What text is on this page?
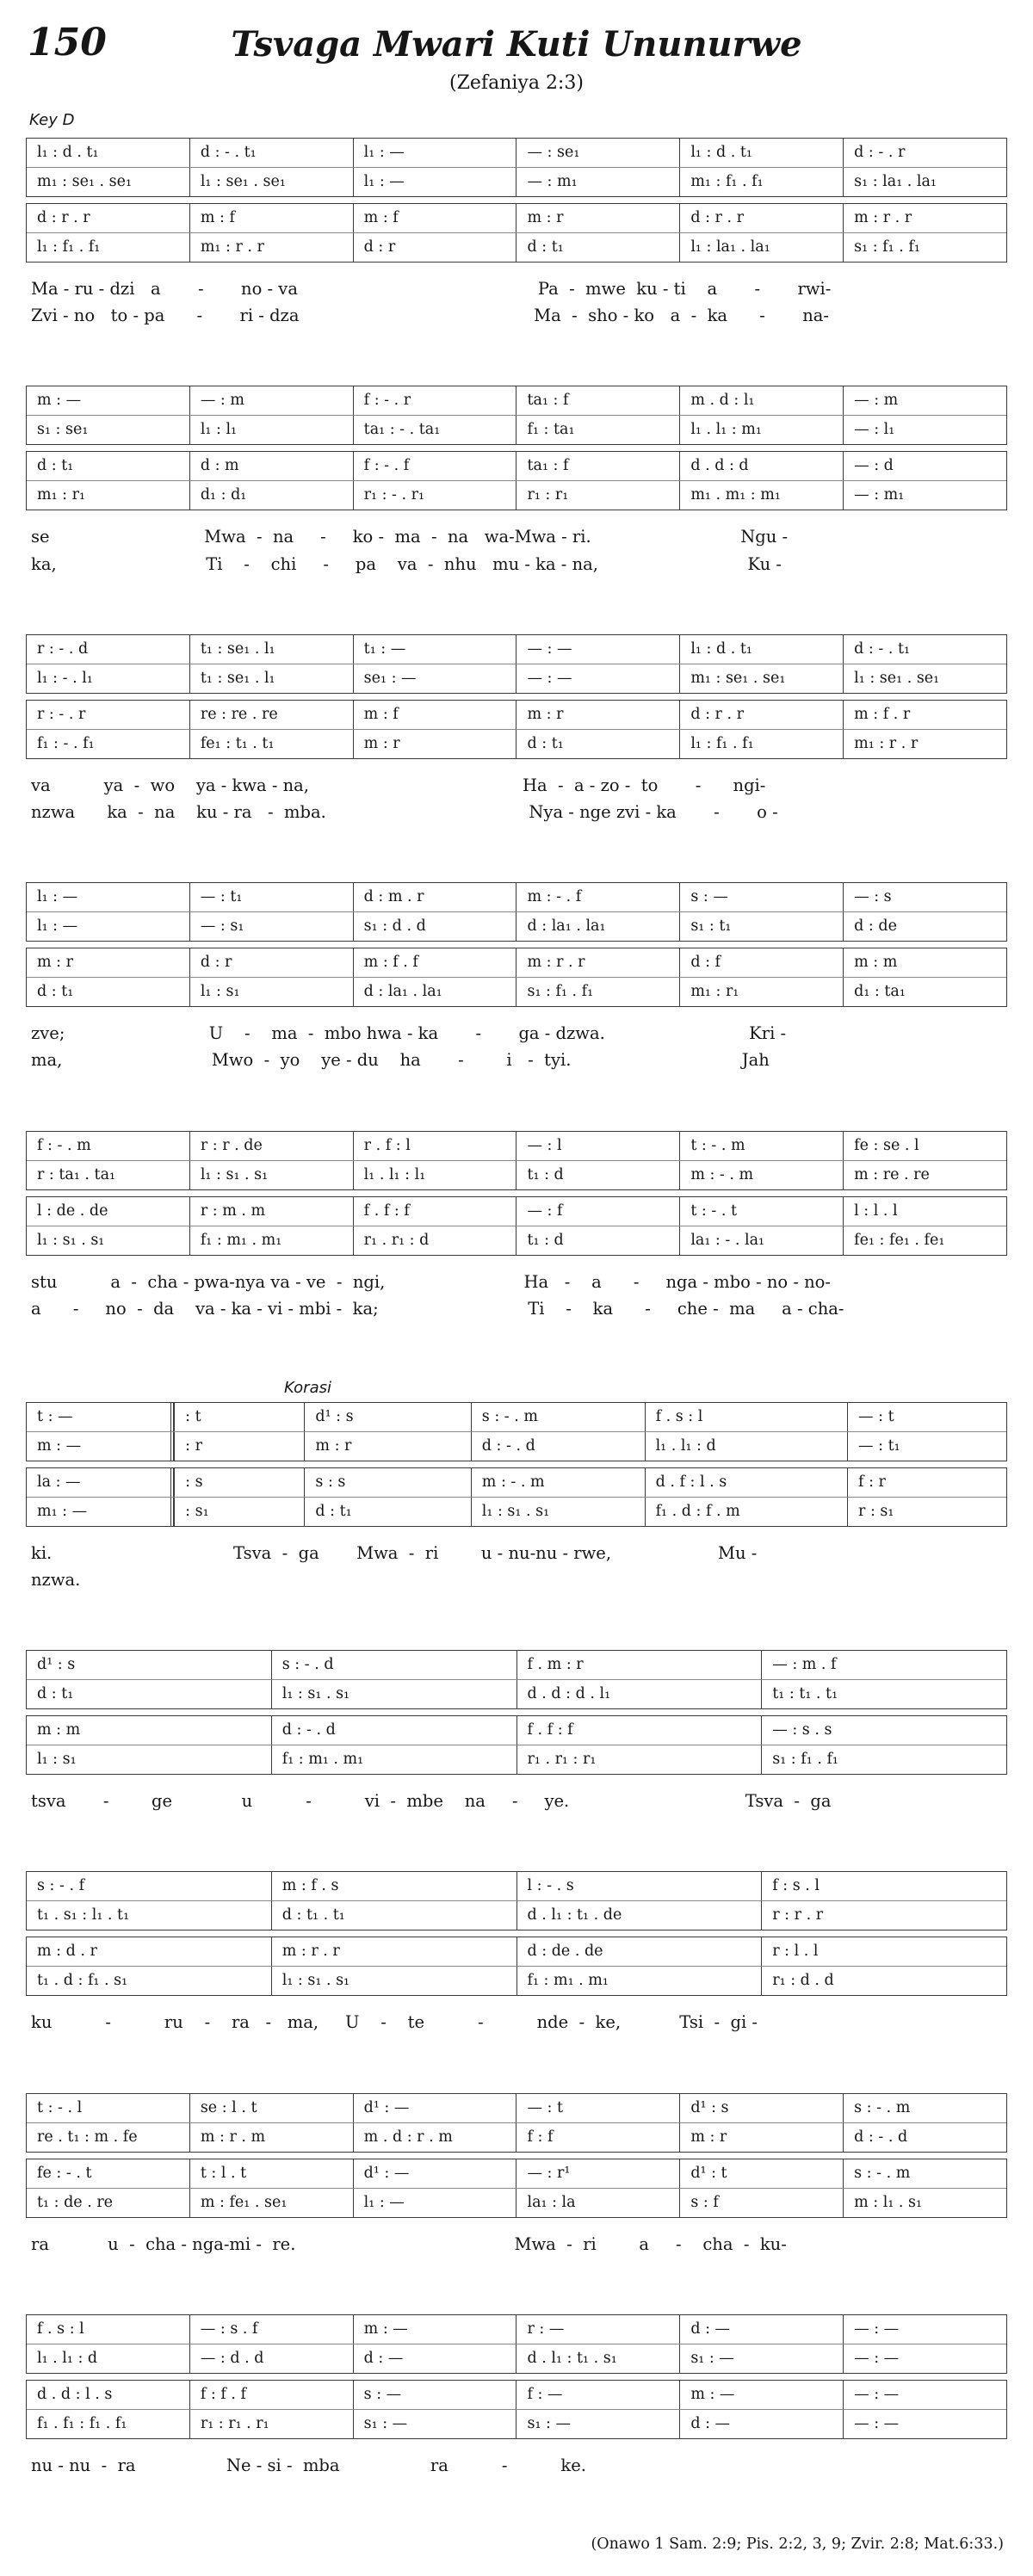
150	Tsvaga Mwari Kuti Ununurwe
(Zefaniya 2:3)
Key D
l₁ : d . t₁	d : - . t₁	l₁ : —	— : se₁	l₁ : d . t₁	d : - . r
m₁ : se₁ . se₁	l₁ : se₁ . se₁	l₁ : —	— : m₁	m₁ : f₁ . f₁	s₁ : la₁ . la₁
d : r . r	m : f	m : f	m : r	d : r . r	m : r . r
l₁ : f₁ . f₁	m₁ : r . r	d : r	d : t₁	l₁ : la₁ . la₁	s₁ : f₁ . f₁
Ma - ru - dzi   a       -       no - va                                             Pa  -  mwe  ku - ti    a       -       rwi-
Zvi - no   to - pa      -       ri - dza                                            Ma  -  sho - ko   a  -  ka      -       na-
m : —	— : m	f : - . r	ta₁ : f	m . d : l₁	— : m
s₁ : se₁	l₁ : l₁	ta₁ : - . ta₁	f₁ : ta₁	l₁ . l₁ : m₁	— : l₁
d : t₁	d : m	f : - . f	ta₁ : f	d . d : d	— : d
m₁ : r₁	d₁ : d₁	r₁ : - . r₁	r₁ : r₁	m₁ . m₁ : m₁	— : m₁
se                             Mwa  -  na     -     ko -  ma  -  na   wa-Mwa - ri.                            Ngu -
ka,                            Ti    -    chi     -     pa    va  -  nhu   mu - ka - na,                            Ku -
r : - . d	t₁ : se₁ . l₁	t₁ : —	— : —	l₁ : d . t₁	d : - . t₁
l₁ : - . l₁	t₁ : se₁ . l₁	se₁ : —	— : —	m₁ : se₁ . se₁	l₁ : se₁ . se₁
r : - . r	re : re . re	m : f	m : r	d : r . r	m : f . r
f₁ : - . f₁	fe₁ : t₁ . t₁	m : r	d : t₁	l₁ : f₁ . f₁	m₁ : r . r
va          ya  -  wo    ya - kwa - na,                                        Ha  -  a - zo -  to       -      ngi-
nzwa      ka  -  na    ku - ra   -  mba.                                      Nya - nge zvi - ka       -       o -
l₁ : —	— : t₁	d : m . r	m : - . f	s : —	— : s
l₁ : —	— : s₁	s₁ : d . d	d : la₁ . la₁	s₁ : t₁	d : de
m : r	d : r	m : f . f	m : r . r	d : f	m : m
d : t₁	l₁ : s₁	d : la₁ . la₁	s₁ : f₁ . f₁	m₁ : r₁	d₁ : ta₁
zve;                           U    -    ma  -  mbo hwa - ka       -       ga - dzwa.                           Kri -
ma,                            Mwo  -  yo    ye - du    ha       -        i   -  tyi.                                Jah
f : - . m	r : r . de	r . f : l	— : l	t : - . m	fe : se . l
r : ta₁ . ta₁	l₁ : s₁ . s₁	l₁ . l₁ : l₁	t₁ : d	m : - . m	m : re . re
l : de . de	r : m . m	f . f : f	— : f	t : - . t	l : l . l
l₁ : s₁ . s₁	f₁ : m₁ . m₁	r₁ . r₁ : d	t₁ : d	la₁ : - . la₁	fe₁ : fe₁ . fe₁
stu          a  -  cha - pwa-nya va - ve  -  ngi,                          Ha   -    a      -     nga - mbo - no - no-
a      -     no  -  da    va - ka - vi - mbi -  ka;                            Ti    -    ka      -     che -  ma     a - cha-
Korasi
t : —	: t	d¹ : s	s : - . m	f . s : l	— : t
m : —	: r	m : r	d : - . d	l₁ . l₁ : d	— : t₁
la : —	: s	s : s	m : - . m	d . f : l . s	f : r
m₁ : —	: s₁	d : t₁	l₁ : s₁ . s₁	f₁ . d : f . m	r : s₁
ki.                                  Tsva  -  ga       Mwa  -  ri        u - nu-nu - rwe,                    Mu -
nzwa.
d¹ : s	s : - . d	f . m : r	— : m . f
d : t₁	l₁ : s₁ . s₁	d . d : d . l₁	t₁ : t₁ . t₁
m : m	d : - . d	f . f : f	— : s . s
l₁ : s₁	f₁ : m₁ . m₁	r₁ . r₁ : r₁	s₁ : f₁ . f₁
tsva       -        ge             u          -          vi  -  mbe    na     -     ye.                                 Tsva  -  ga
s : - . f	m : f . s	l : - . s	f : s . l
t₁ . s₁ : l₁ . t₁	d : t₁ . t₁	d . l₁ : t₁ . de	r : r . r
m : d . r	m : r . r	d : de . de	r : l . l
t₁ . d : f₁ . s₁	l₁ : s₁ . s₁	f₁ : m₁ . m₁	r₁ : d . d
ku          -          ru    -    ra   -   ma,     U    -    te          -          nde  -  ke,           Tsi  -  gi -
t : - . l	se : l . t	d¹ : —	— : t	d¹ : s	s : - . m
re . t₁ : m . fe	m : r . m	m . d : r . m	f : f	m : r	d : - . d
fe : - . t	t : l . t	d¹ : —	— : r¹	d¹ : t	s : - . m
t₁ : de . re	m : fe₁ . se₁	l₁ : —	la₁ : la	s : f	m : l₁ . s₁
ra           u  -  cha - nga-mi -  re.                                         Mwa  -  ri        a     -    cha  -  ku-
f . s : l	— : s . f	m : —	r : —	d : —	— : —
l₁ . l₁ : d	— : d . d	d : —	d . l₁ : t₁ . s₁	s₁ : —	— : —
d . d : l . s	f : f . f	s : —	f : —	m : —	— : —
f₁ . f₁ : f₁ . f₁	r₁ : r₁ . r₁	s₁ : —	s₁ : —	d : —	— : —
nu - nu  -  ra                 Ne - si -  mba                 ra          -          ke.
(Onawo 1 Sam. 2:9; Pis. 2:2, 3, 9; Zvir. 2:8; Mat.6:33.)
